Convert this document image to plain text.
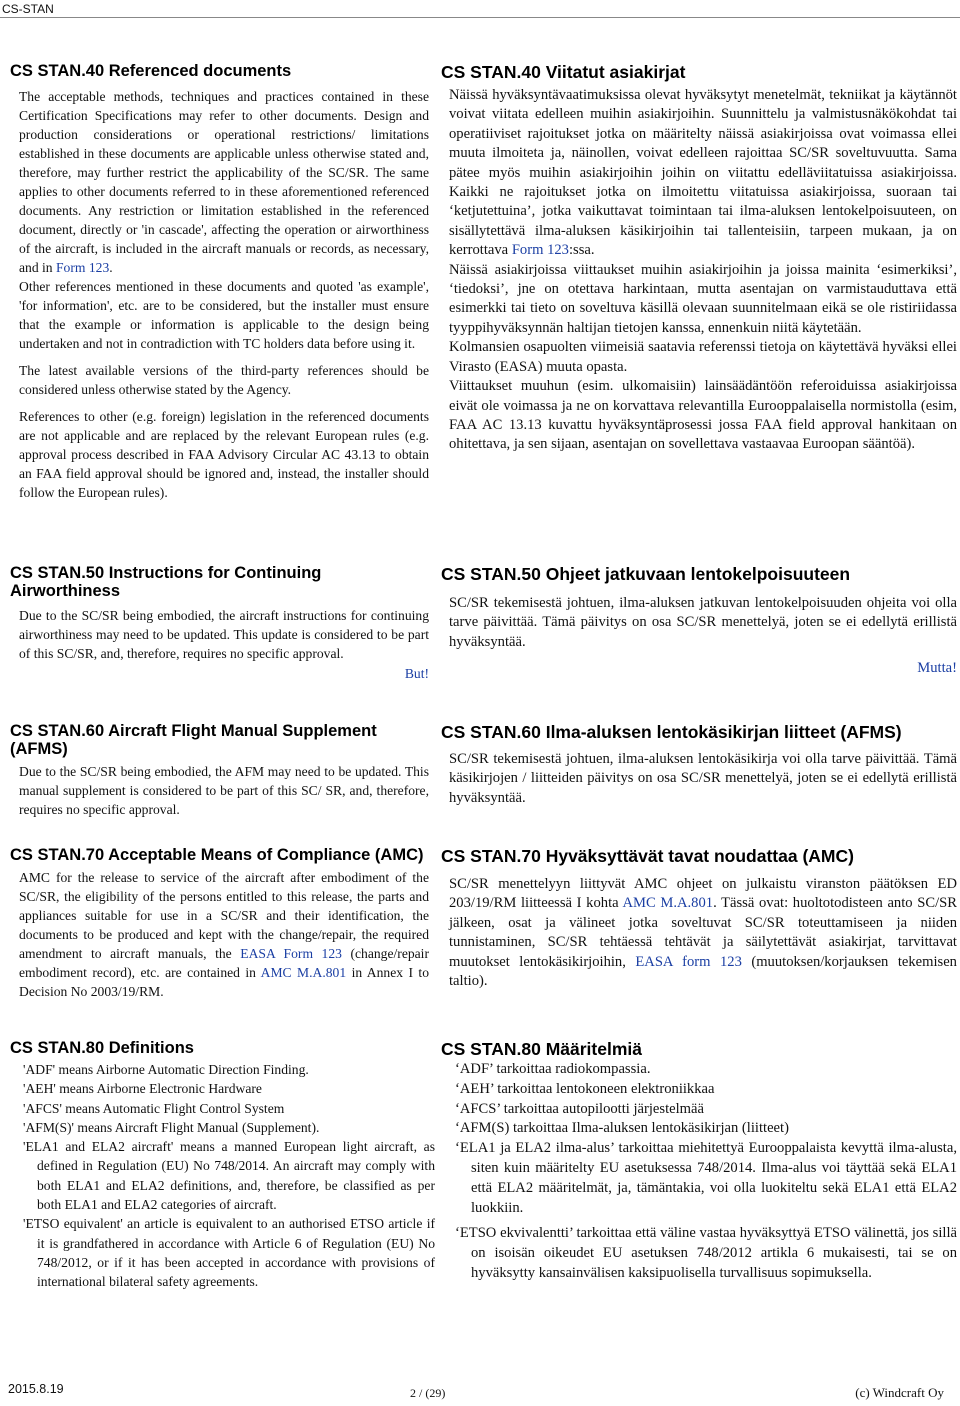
CS-STAN
CS STAN.40 Referenced documents

The acceptable methods, techniques and practices contained in these Certification Specifications may refer to other documents. Design and production considerations or operational restrictions/ limitations established in these documents are applicable unless otherwise stated and, therefore, may further restrict the applicability of the SC/SR. The same applies to other documents referred to in these aforementioned referenced documents. Any restriction or limitation established in the referenced document, directly or 'in cascade', affecting the operation or airworthiness of the aircraft, is included in the aircraft manuals or records, as necessary, and in Form 123.

Other references mentioned in these documents and quoted 'as example', 'for information', etc. are to be considered, but the installer must ensure that the example or information is applicable to the design being undertaken and not in contradiction with TC holders data before using it.

The latest available versions of the third-party references should be considered unless otherwise stated by the Agency.

References to other (e.g. foreign) legislation in the referenced documents are not applicable and are replaced by the relevant European rules (e.g. approval process described in FAA Advisory Circular AC 43.13 to obtain an FAA field approval should be ignored and, instead, the installer should follow the European rules).

CS STAN.50 Instructions for Continuing Airworthiness

Due to the SC/SR being embodied, the aircraft instructions for continuing airworthiness may need to be updated. This update is considered to be part of this SC/SR, and, therefore, requires no specific approval.

But!
CS STAN.60 Aircraft Flight Manual Supplement (AFMS)

Due to the SC/SR being embodied, the AFM may need to be updated. This manual supplement is considered to be part of this SC/ SR, and, therefore, requires no specific approval.

CS STAN.70 Acceptable Means of Compliance (AMC)

AMC for the release to service of the aircraft after embodiment of the SC/SR, the eligibility of the persons entitled to this release, the parts and appliances suitable for use in a SC/SR and their identification, the documents to be produced and kept with the change/repair, the required amendment to aircraft manuals, the EASA Form 123 (change/repair embodiment record), etc. are contained in AMC M.A.801 in Annex I to Decision No 2003/19/RM.

CS STAN.80 Definitions
'ADF' means Airborne Automatic Direction Finding.
'AEH' means Airborne Electronic Hardware
'AFCS' means Automatic Flight Control System
'AFM(S)' means Aircraft Flight Manual (Supplement).
'ELA1 and ELA2 aircraft' means a manned European light aircraft, as defined in Regulation (EU) No 748/2014. An aircraft may comply with both ELA1 and ELA2 definitions, and, therefore, be classified as per both ELA1 and ELA2 categories of aircraft.
'ETSO equivalent' an article is equivalent to an authorised ETSO article if it is grandfathered in accordance with Article 6 of Regulation (EU) No 748/2012, or if it has been accepted in accordance with provisions of international bilateral safety agreements.
CS STAN.40 Viitatut asiakirjat

Näissä hyväksyntävaatimuksissa olevat hyväksytyt menetelmät, tekniikat ja käytännöt voivat viitata edelleen muihin asiakirjoihin. Suunnittelu ja valmistusnäkökohdat tai operatiiviset rajoitukset jotka on määritelty näissä asiakirjoissa ovat voimassa ellei muuta ilmoiteta ja, näinollen, voivat edelleen rajoittaa SC/SR soveltuvuutta. Sama pätee myös muihin asiakirjoihin joihin on viitattu edelläviitatuissa asiakirjoissa. Kaikki ne rajoitukset jotka on ilmoitettu viitatuissa asiakirjoissa, suoraan tai ‘ketjutettuina’, jotka vaikuttavat toimintaan tai ilma-aluksen lentokelpoisuuteen, on sisällytettävä ilma-aluksen käsikirjoihin tai tallenteisiin, tarpeen mukaan, ja on kerrottava Form 123:ssa.

Näissä asiakirjoissa viittaukset muihin asiakirjoihin ja joissa mainita ‘esimerkiksi’, ‘tiedoksi’, jne on otettava harkintaan, mutta asentajan on varmistauduttava että esimerkki tai tieto on soveltuva käsillä olevaan suunnitelmaan eikä se ole ristiriidassa tyyppihyväksynnän haltijan tietojen kanssa, ennenkuin niitä käytetään.

Kolmansien osapuolten viimeisiä saatavia referenssi tietoja on käytettävä hyväksi ellei Virasto (EASA) muuta opasta.

Viittaukset muuhun (esim. ulkomaisiin) lainsäädäntöön referoiduissa asiakirjoissa eivät ole voimassa ja ne on korvattava relevantilla Eurooppalaisella normistolla (esim, FAA AC 13.13 kuvattu hyväksyntäprosessi jossa FAA field approval hankitaan on ohitettava, ja sen sijaan, asentajan on sovellettava vastaavaa Euroopan sääntöä).

CS STAN.50 Ohjeet jatkuvaan lentokelpoisuuteen

SC/SR tekemisestä johtuen, ilma-aluksen jatkuvan lentokelpoisuuden ohjeita voi olla tarve päivittää. Tämä päivitys on osa SC/SR menettelyä, joten se ei edellytä erillistä hyväksyntää.

Mutta!
CS STAN.60 Ilma-aluksen lentokäsikirjan liitteet (AFMS)

SC/SR tekemisestä johtuen, ilma-aluksen lentokäsikirja voi olla tarve päivittää. Tämä käsikirjojen / liitteiden päivitys on osa SC/SR menettelyä, joten se ei edellytä erillistä hyväksyntää.

CS STAN.70 Hyväksyttävät tavat noudattaa (AMC)

SC/SR menettelyyn liittyvät AMC ohjeet on julkaistu viranston päätöksen ED 203/19/RM liitteessä I kohta AMC M.A.801. Tässä ovat: huoltotodisteen anto SC/SR jälkeen, osat ja välineet jotka soveltuvat SC/SR toteuttamiseen ja niiden tunnistaminen, SC/SR tehtäessä tehtävät ja säilytettävät asiakirjat, tarvittavat muutokset lentokäsikirjoihin, EASA form 123 (muutoksen/korjauksen tekemisen taltio).

CS STAN.80 Määritelmiä
‘ADF’ tarkoittaa radiokompassia.
‘AEH’ tarkoittaa lentokoneen elektroniikkaa
‘AFCS’ tarkoittaa autopilootti järjestelmää
‘AFM(S) tarkoittaa Ilma-aluksen lentokäsikirjan (liitteet)
‘ELA1 ja ELA2 ilma-alus’ tarkoittaa miehitettyä Eurooppalaista kevyttä ilma-alusta, siten kuin määritelty EU asetuksessa 748/2014. Ilma-alus voi täyttää sekä ELA1 että ELA2 määritelmät, ja, tämäntakia, voi olla luokiteltu sekä ELA1 että ELA2 luokkiin.
‘ETSO ekvivalentti’ tarkoittaa että väline vastaa hyväksyttyä ETSO välinettä, jos sillä on isoisän oikeudet EU asetuksen 748/2012 artikla 6 mukaisesti, tai se on hyväksytty kansainvälisen kaksipuolisella turvallisuus sopimuksella.
2015.8.19	2 / (29)	(c) Windcraft Oy
